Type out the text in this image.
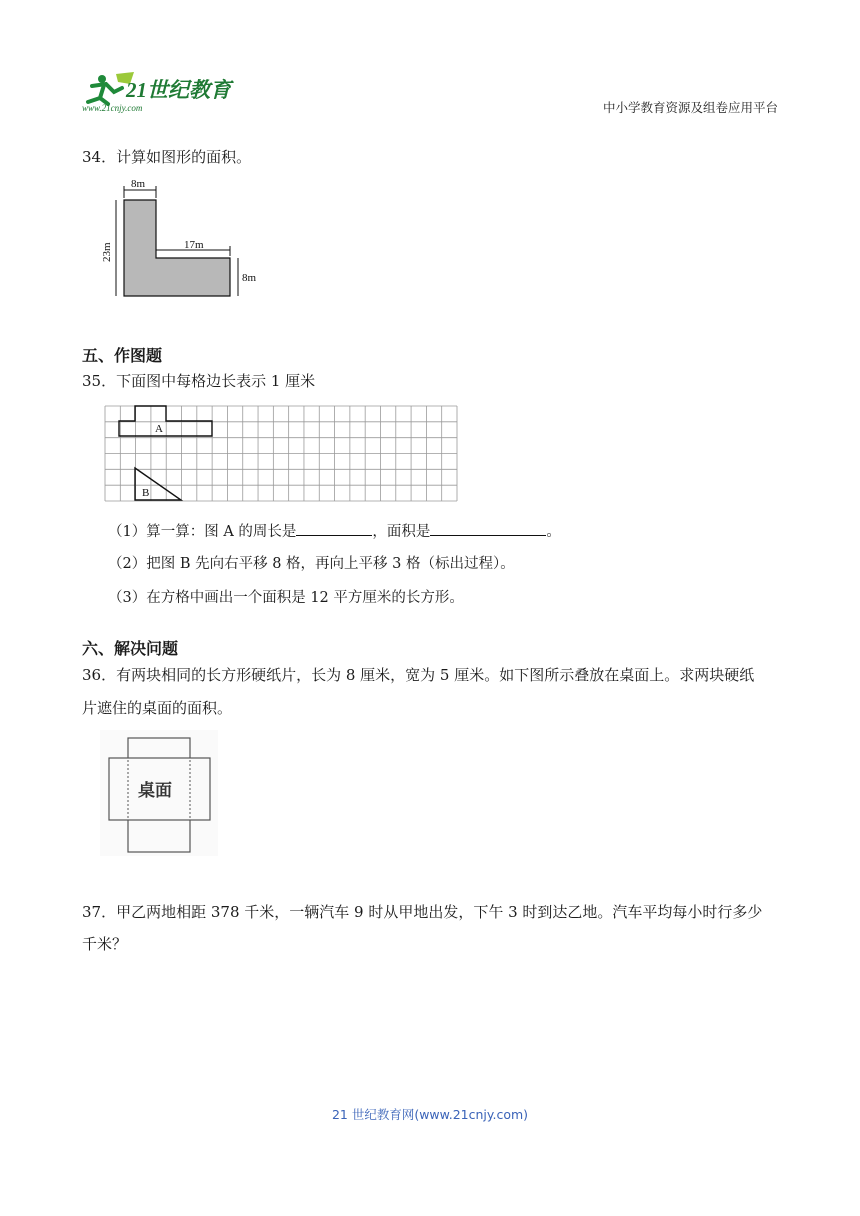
21世纪教育
www.21cnjy.com	中小学教育资源及组卷应用平台
34．计算如图形的面积。
8m
17m
8m
23m
五、作图题
35．下面图中每格边长表示 1 厘米
A
B
（1）算一算：图 A 的周长是	，面积是	。
（2）把图 B 先向右平移 8 格，再向上平移 3 格（标出过程）。
（3）在方格中画出一个面积是 12 平方厘米的长方形。
六、解决问题
36．有两块相同的长方形硬纸片，长为 8 厘米，宽为 5 厘米。如下图所示叠放在桌面上。求两块硬纸
片遮住的桌面的面积。
桌面
37．甲乙两地相距 378 千米，一辆汽车 9 时从甲地出发，下午 3 时到达乙地。汽车平均每小时行多少
千米？
21 世纪教育网(www.21cnjy.com)
